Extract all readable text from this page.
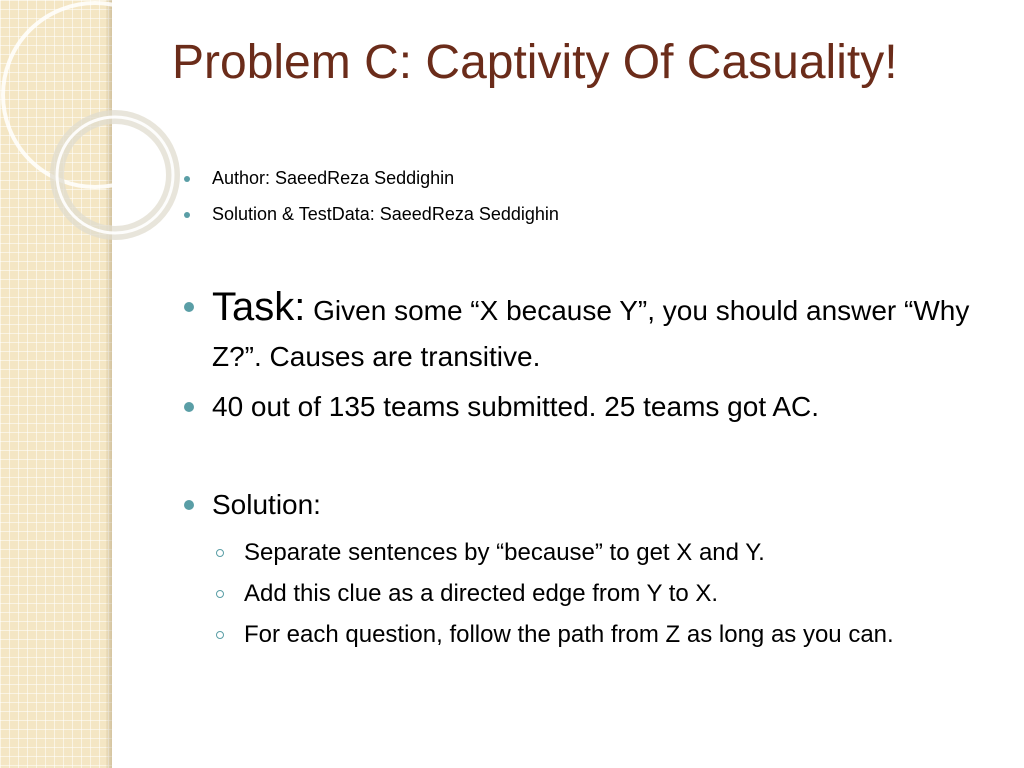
Problem C: Captivity Of Casuality!
Author: SaeedReza Seddighin
Solution & TestData: SaeedReza Seddighin
Task: Given some “X because Y”, you should answer “Why Z?”. Causes are transitive.
40 out of 135 teams submitted. 25 teams got AC.
Solution:
Separate sentences by “because” to get X and Y.
Add this clue as a directed edge from Y to X.
For each question, follow the path from Z as long as you can.
